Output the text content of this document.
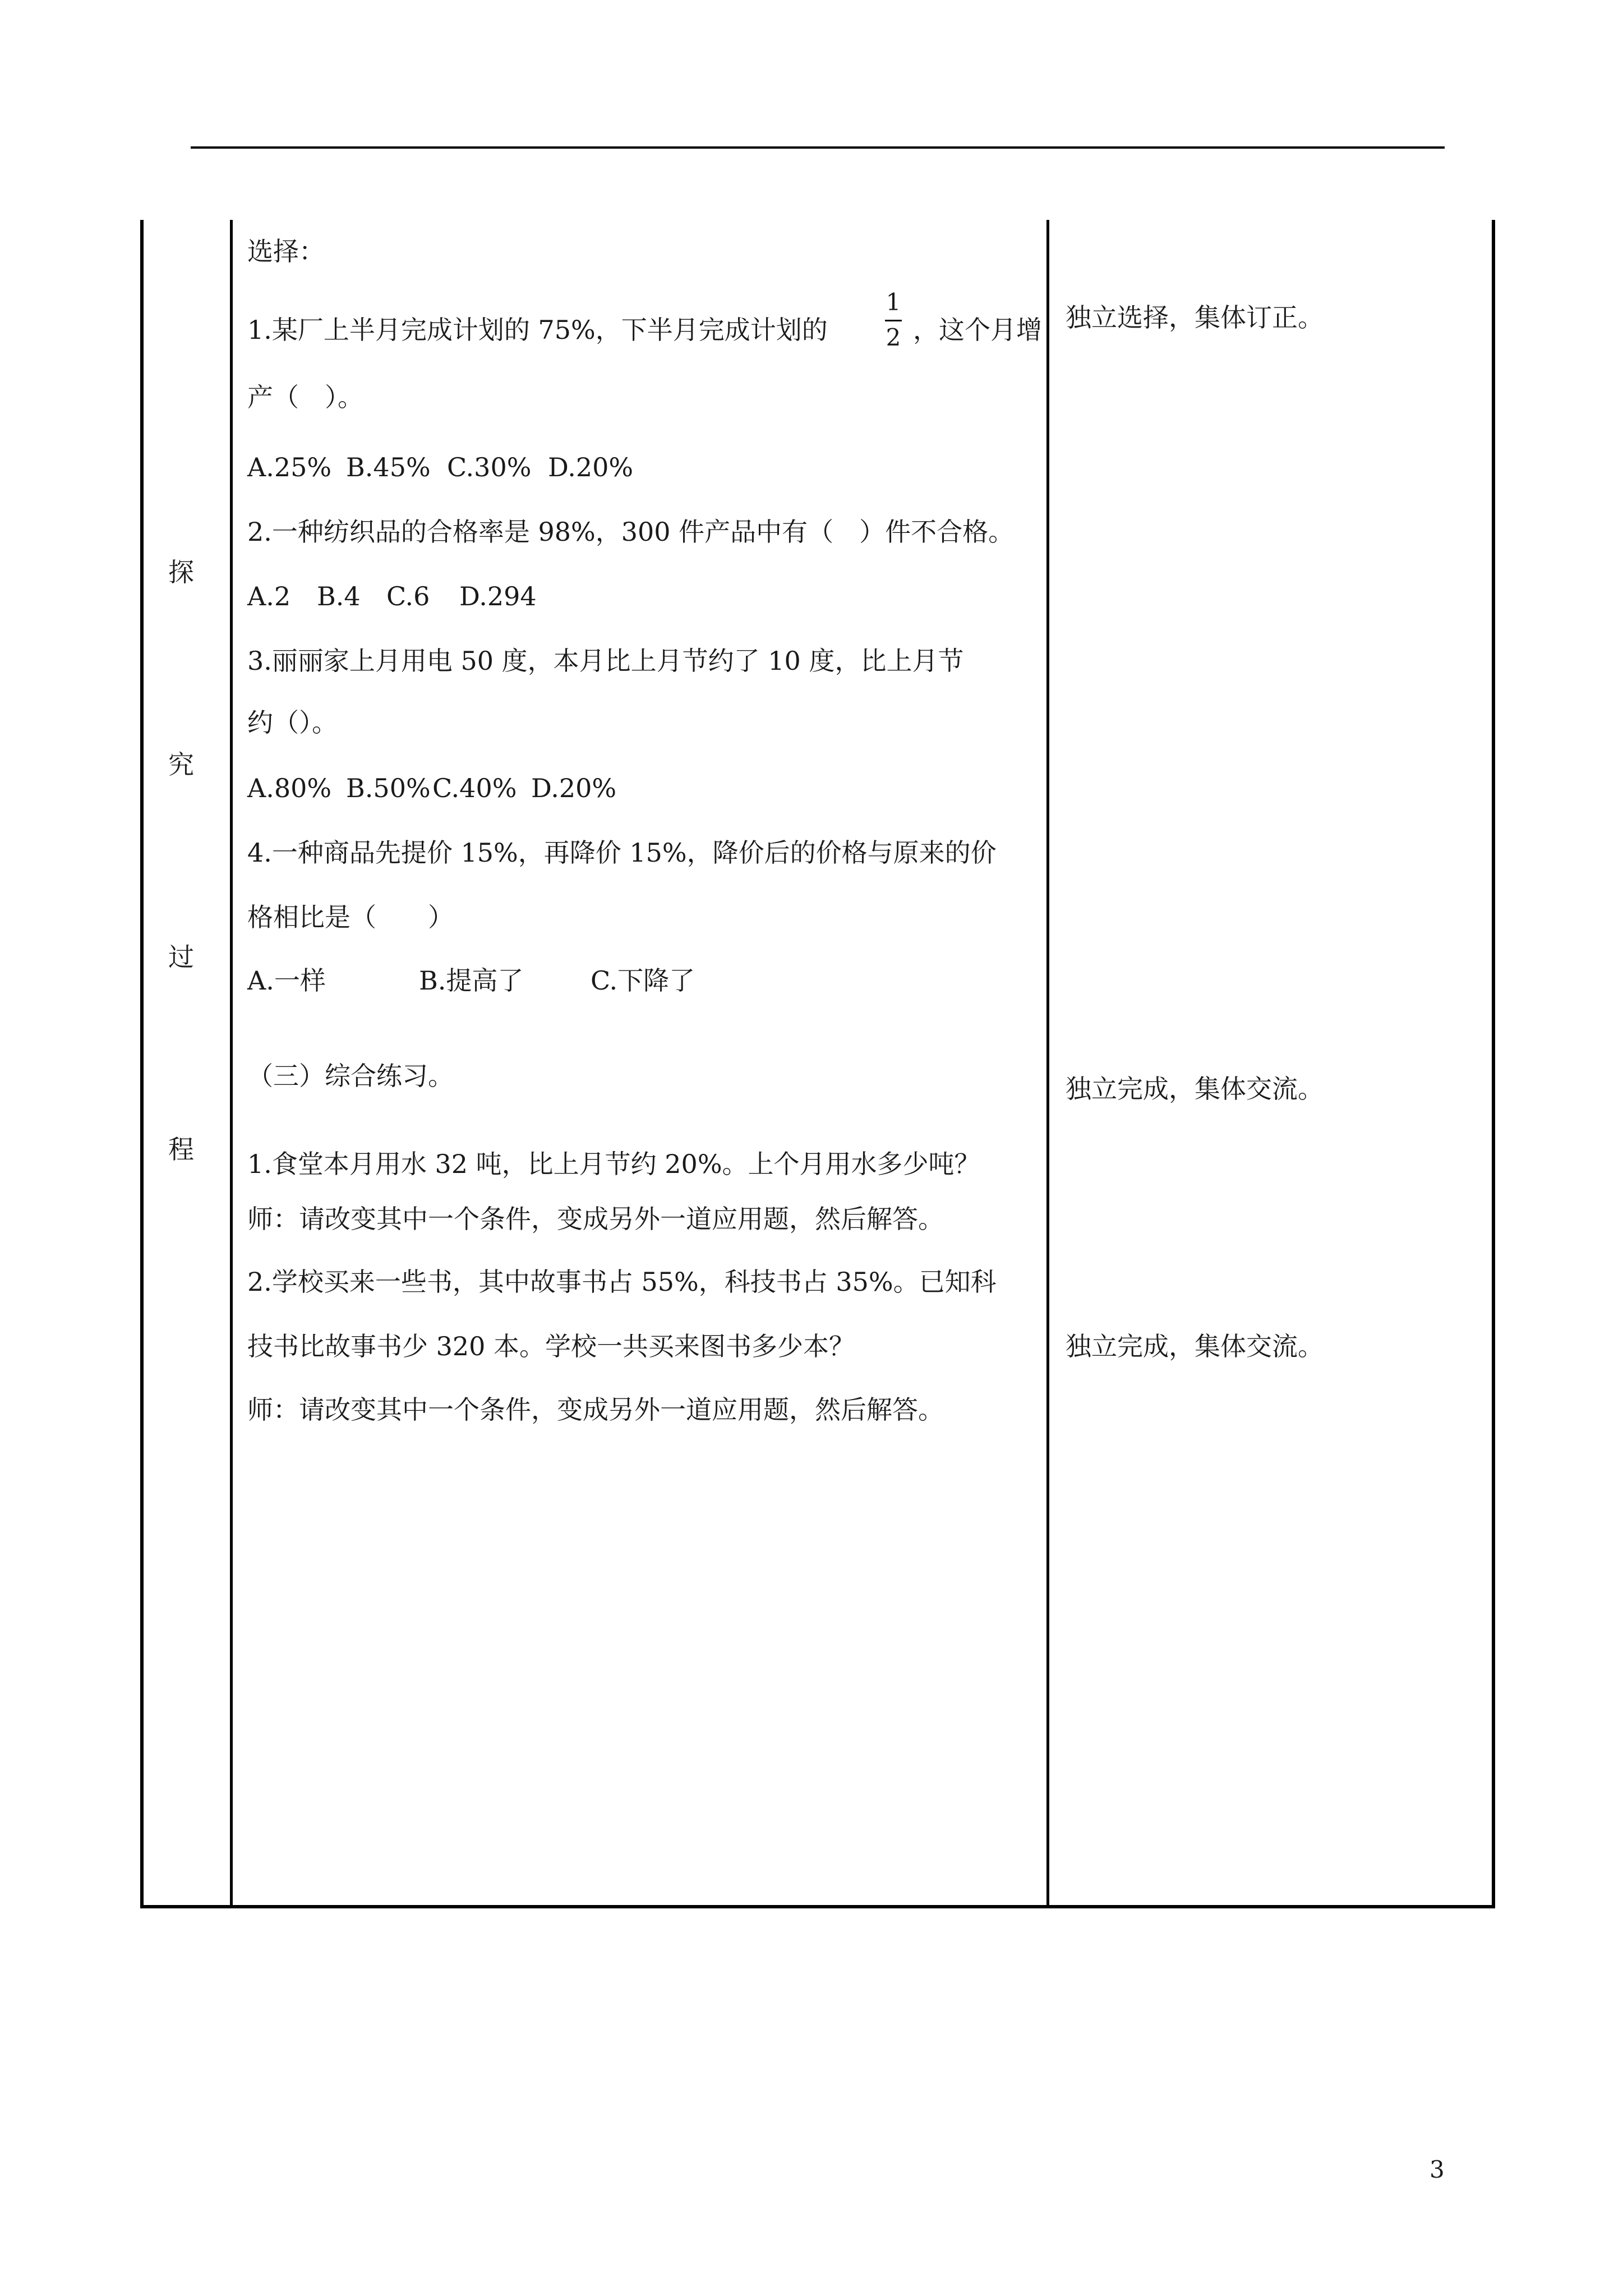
探
究
过
程
选择：
1.某厂上半月完成计划的 75%，下半月完成计划的
1
2 ，这个月增
产（　）。
A.25% B.45% C.30% D.20%
2.一种纺织品的合格率是 98%，300 件产品中有（　）件不合格。
A.2 B.4 C.6 D.294
3.丽丽家上月用电 50 度，本月比上月节约了 10 度，比上月节
约（）。
A.80% B.50%C.40% D.20%
4.一种商品先提价 15%，再降价 15%，降价后的价格与原来的价
格相比是（　　）
A.一样	B.提高了	C.下降了
（三）综合练习。
1.食堂本月用水 32 吨，比上月节约 20%。上个月用水多少吨？
师：请改变其中一个条件，变成另外一道应用题，然后解答。
2.学校买来一些书，其中故事书占 55%，科技书占 35%。已知科
技书比故事书少 320 本。学校一共买来图书多少本？
师：请改变其中一个条件，变成另外一道应用题，然后解答。
独立选择，集体订正。
独立完成，集体交流。
独立完成，集体交流。
3
